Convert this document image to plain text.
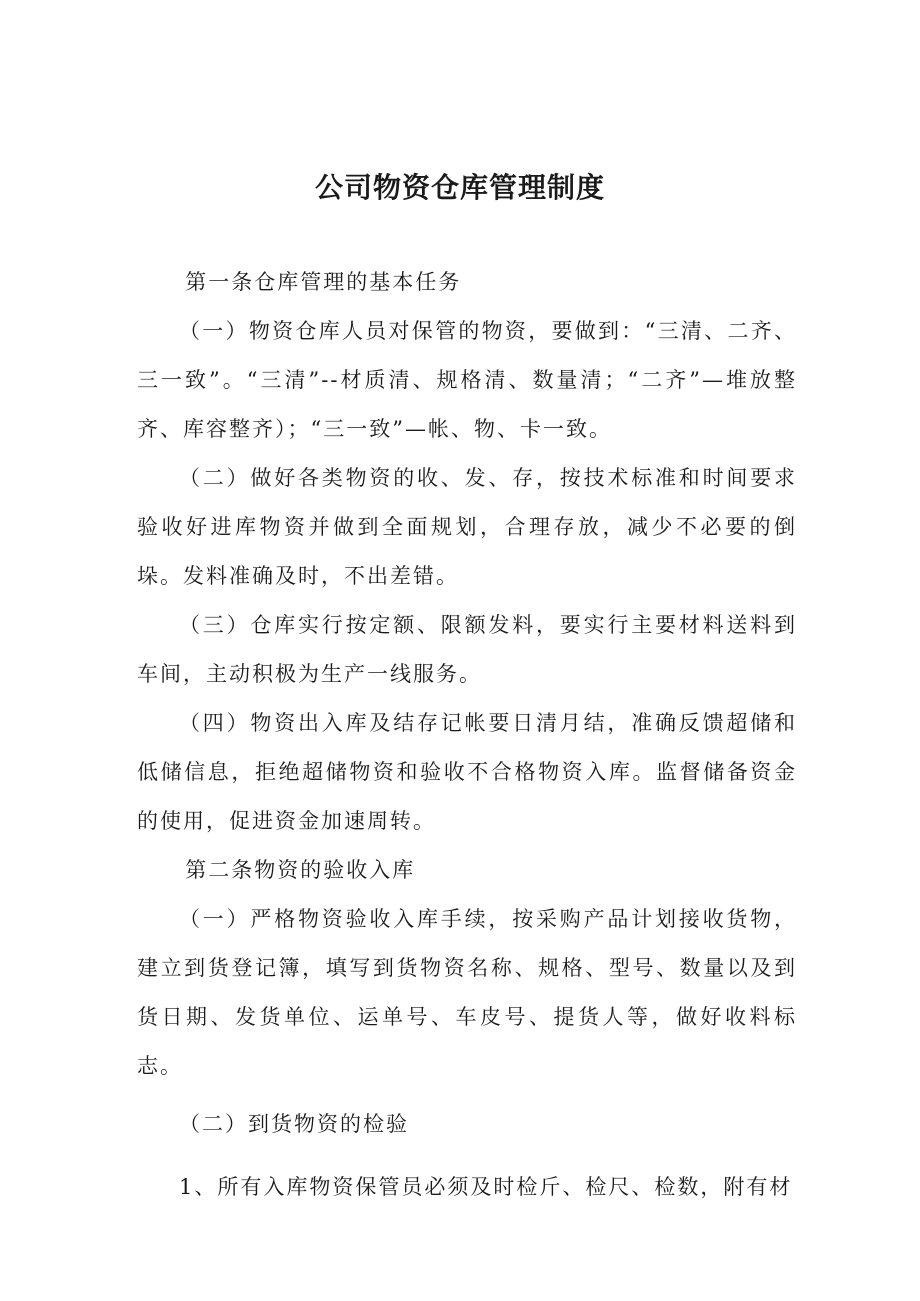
公司物资仓库管理制度

第一条仓库管理的基本任务

（一）物资仓库人员对保管的物资，要做到：“三清、二齐、三一致”。“三清”--材质清、规格清、数量清；“二齐”—堆放整齐、库容整齐）；“三一致”—帐、物、卡一致。

（二）做好各类物资的收、发、存，按技术标准和时间要求验收好进库物资并做到全面规划，合理存放，减少不必要的倒垛。发料准确及时，不出差错。

（三）仓库实行按定额、限额发料，要实行主要材料送料到车间，主动积极为生产一线服务。

（四）物资出入库及结存记帐要日清月结，准确反馈超储和低储信息，拒绝超储物资和验收不合格物资入库。监督储备资金的使用，促进资金加速周转。

第二条物资的验收入库

（一）严格物资验收入库手续，按采购产品计划接收货物，建立到货登记簿，填写到货物资名称、规格、型号、数量以及到货日期、发货单位、运单号、车皮号、提货人等，做好收料标志。

（二）到货物资的检验

1、所有入库物资保管员必须及时检斤、检尺、检数，附有材
